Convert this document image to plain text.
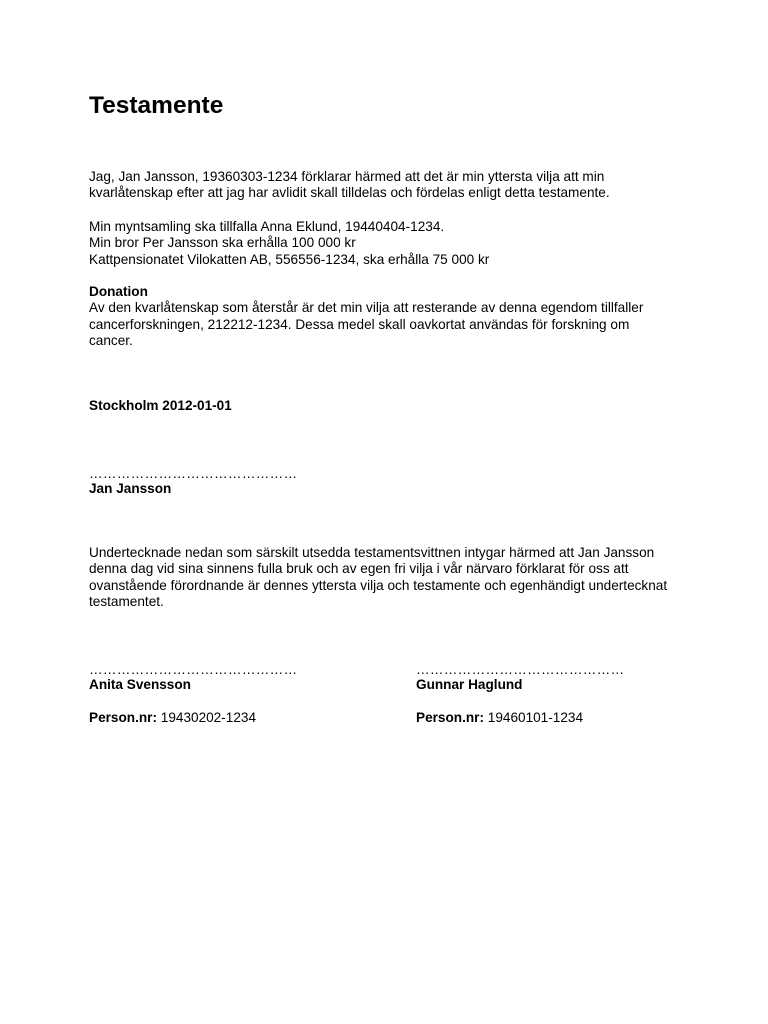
Testamente
Jag, Jan Jansson, 19360303-1234 förklarar härmed att det är min yttersta vilja att min
kvarlåtenskap efter att jag har avlidit skall tilldelas och fördelas enligt detta testamente.
Min myntsamling ska tillfalla Anna Eklund, 19440404-1234.
Min bror Per Jansson ska erhålla 100 000 kr
Kattpensionatet Vilokatten AB, 556556-1234, ska erhålla 75 000 kr
Donation
Av den kvarlåtenskap som återstår är det min vilja att resterande av denna egendom tillfaller
cancerforskningen, 212212-1234. Dessa medel skall oavkortat användas för forskning om
cancer.
Stockholm 2012-01-01
………………………………………
Jan Jansson
Undertecknade nedan som särskilt utsedda testamentsvittnen intygar härmed att Jan Jansson
denna dag vid sina sinnens fulla bruk och av egen fri vilja i vår närvaro förklarat för oss att
ovanstående förordnande är dennes yttersta vilja och testamente och egenhändigt undertecknat
testamentet.
………………………………………	………………………………………
Anita Svensson	Gunnar Haglund
Person.nr: 19430202-1234	Person.nr: 19460101-1234
